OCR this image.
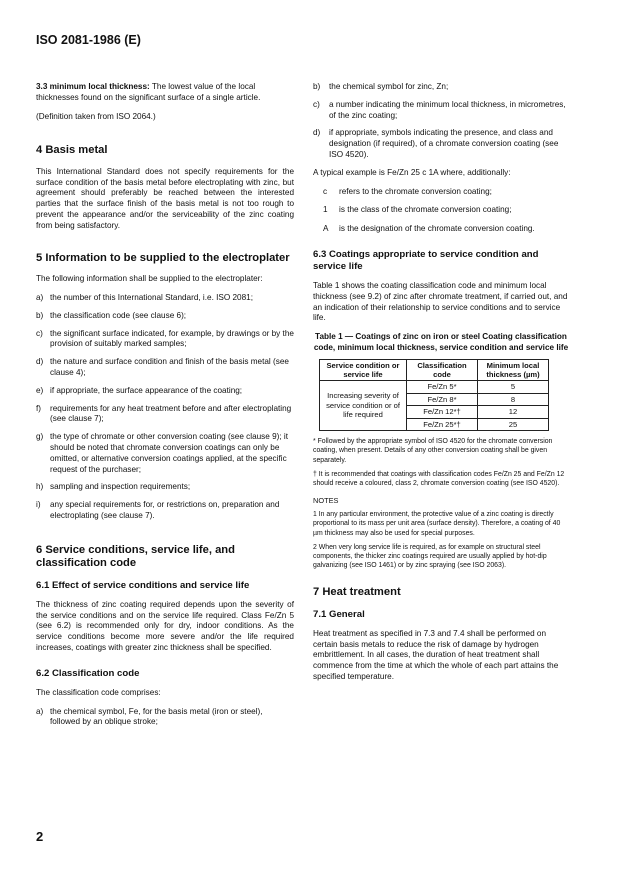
ISO 2081-1986 (E)

3.3 minimum local thickness: The lowest value of the local thicknesses found on the significant surface of a single article.

(Definition taken from ISO 2064.)

4 Basis metal

This International Standard does not specify requirements for the surface condition of the basis metal before electroplating with zinc, but agreement should preferably be reached between the interested parties that the surface finish of the basis metal is not too rough to prevent the appearance and/or the serviceability of the zinc coating from being satisfactory.

5 Information to be supplied to the electroplater

The following information shall be supplied to the electroplater:

a) the number of this International Standard, i.e. ISO 2081;
b) the classification code (see clause 6);
c) the significant surface indicated, for example, by drawings or by the provision of suitably marked samples;
d) the nature and surface condition and finish of the basis metal (see clause 4);
e) if appropriate, the surface appearance of the coating;
f)	requirements for any heat treatment before and after electroplating (see clause 7);
g) the type of chromate or other conversion coating (see clause 9); it should be noted that chromate conversion coatings can only be omitted, or alternative conversion coatings applied, at the specific request of the purchaser;
h) sampling and inspection requirements;
i)	any special requirements for, or restrictions on, preparation and electroplating (see clause 7).
6 Service conditions, service life, and classification code
6.1 Effect of service conditions and service life

The thickness of zinc coating required depends upon the severity of the service conditions and on the service life required. Class Fe/Zn 5 (see 6.2) is recommended only for dry, indoor conditions. As the service conditions become more severe and/or the life required increases, coatings with greater zinc thickness shall be specified.

6.2 Classification code

The classification code comprises:

a) the chemical symbol, Fe, for the basis metal (iron or steel), followed by an oblique stroke;
b)	the chemical symbol for zinc, Zn;
c)	a number indicating the minimum local thickness, in micrometres, of the zinc coating;
d)	if appropriate, symbols indicating the presence, and class and designation (if required), of a chromate conversion coating (see ISO 4520).

A typical example is Fe/Zn 25 c 1A where, additionally:

c	refers to the chromate conversion coating;
1	is the class of the chromate conversion coating;
A	is the designation of the chromate conversion coating.
6.3 Coatings appropriate to service condition and service life

Table 1 shows the coating classification code and minimum local thickness (see 9.2) of zinc after chromate treatment, if carried out, and an indication of their relationship to service conditions and to service life.

Table 1 — Coatings of zinc on iron or steel Coating classification code, minimum local thickness, service condition and service life
Service condition or service life	Classification code	Minimum local thickness (µm)
Increasing severity of service condition or of life required	Fe/Zn 5*	5
	Fe/Zn 8*	8
	Fe/Zn 12*†	12
	Fe/Zn 25*†	25

* Followed by the appropriate symbol of ISO 4520 for the chromate conversion coating, when present. Details of any other conversion coating shall be given separately.

† It is recommended that coatings with classification codes Fe/Zn 25 and Fe/Zn 12 should receive a coloured, class 2, chromate conversion coating (see ISO 4520).

NOTES

1 In any particular environment, the protective value of a zinc coating is directly proportional to its mass per unit area (surface density). Therefore, a coating of 40 µm thickness may also be used for special purposes.

2 When very long service life is required, as for example on structural steel components, the thicker zinc coatings required are usually applied by hot-dip galvanizing (see ISO 1461) or by zinc spraying (see ISO 2063).

7 Heat treatment
7.1 General

Heat treatment as specified in 7.3 and 7.4 shall be performed on certain basis metals to reduce the risk of damage by hydrogen embrittlement. In all cases, the duration of heat treatment shall commence from the time at which the whole of each part attains the specified temperature.

2
